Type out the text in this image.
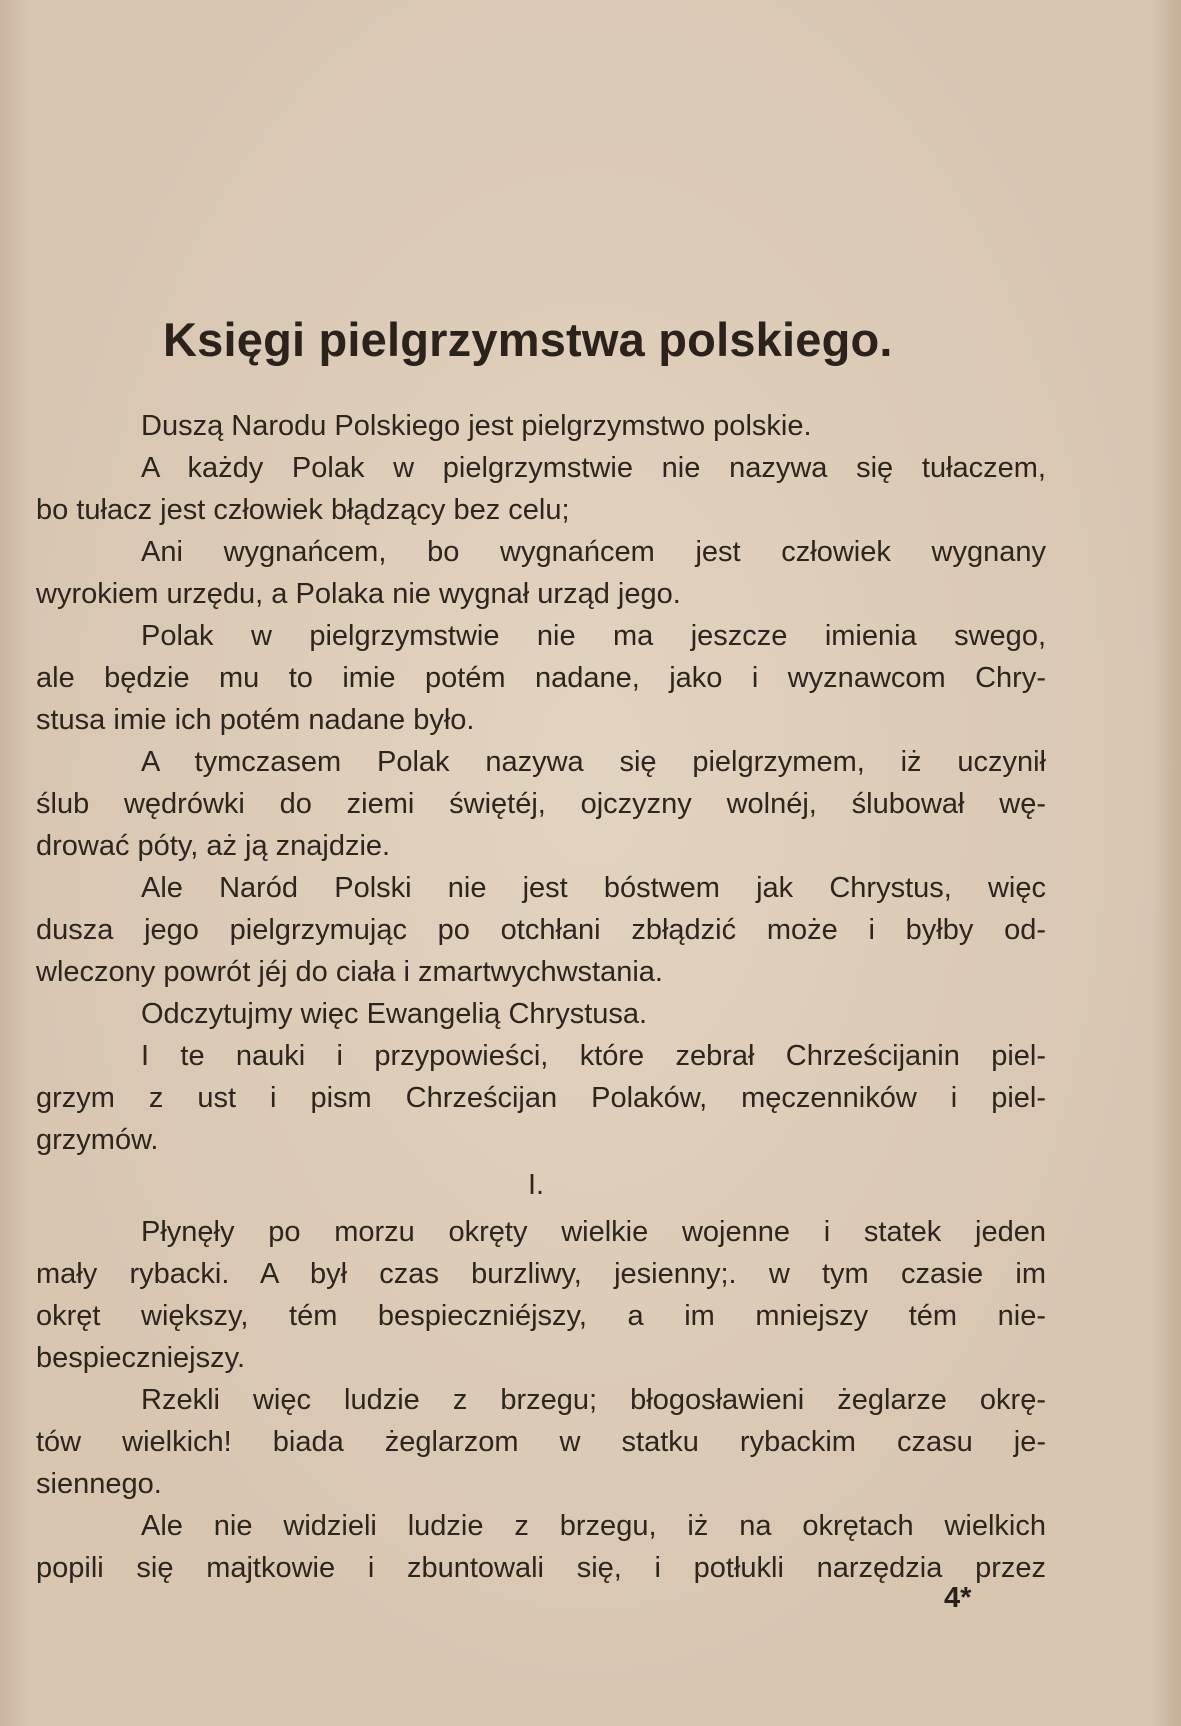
Księgi pielgrzymstwa polskiego.
Duszą Narodu Polskiego jest pielgrzymstwo polskie.
A każdy Polak w pielgrzymstwie nie nazywa się tułaczem,
bo tułacz jest człowiek błądzący bez celu;
Ani wygnańcem, bo wygnańcem jest człowiek wygnany
wyrokiem urzędu, a Polaka nie wygnał urząd jego.
Polak w pielgrzymstwie nie ma jeszcze imienia swego,
ale będzie mu to imie potém nadane, jako i wyznawcom Chry-
stusa imie ich potém nadane było.
A tymczasem Polak nazywa się pielgrzymem, iż uczynił
ślub wędrówki do ziemi świętéj, ojczyzny wolnéj, ślubował wę-
drować póty, aż ją znajdzie.
Ale Naród Polski nie jest bóstwem jak Chrystus, więc
dusza jego pielgrzymując po otchłani zbłądzić może i byłby od-
wleczony powrót jéj do ciała i zmartwychwstania.
Odczytujmy więc Ewangelią Chrystusa.
I te nauki i przypowieści, które zebrał Chrześcijanin piel-
grzym z ust i pism Chrześcijan Polaków, męczenników i piel-
grzymów.
Płynęły po morzu okręty wielkie wojenne i statek jeden
mały rybacki. A był czas burzliwy, jesienny;. w tym czasie im
okręt większy, tém bespieczniéjszy, a im mniejszy tém nie-
bespieczniejszy.
Rzekli więc ludzie z brzegu; błogosławieni żeglarze okrę-
tów wielkich! biada żeglarzom w statku rybackim czasu je-
siennego.
Ale nie widzieli ludzie z brzegu, iż na okrętach wielkich
popili się majtkowie i zbuntowali się, i potłukli narzędzia przez
I.
4*
